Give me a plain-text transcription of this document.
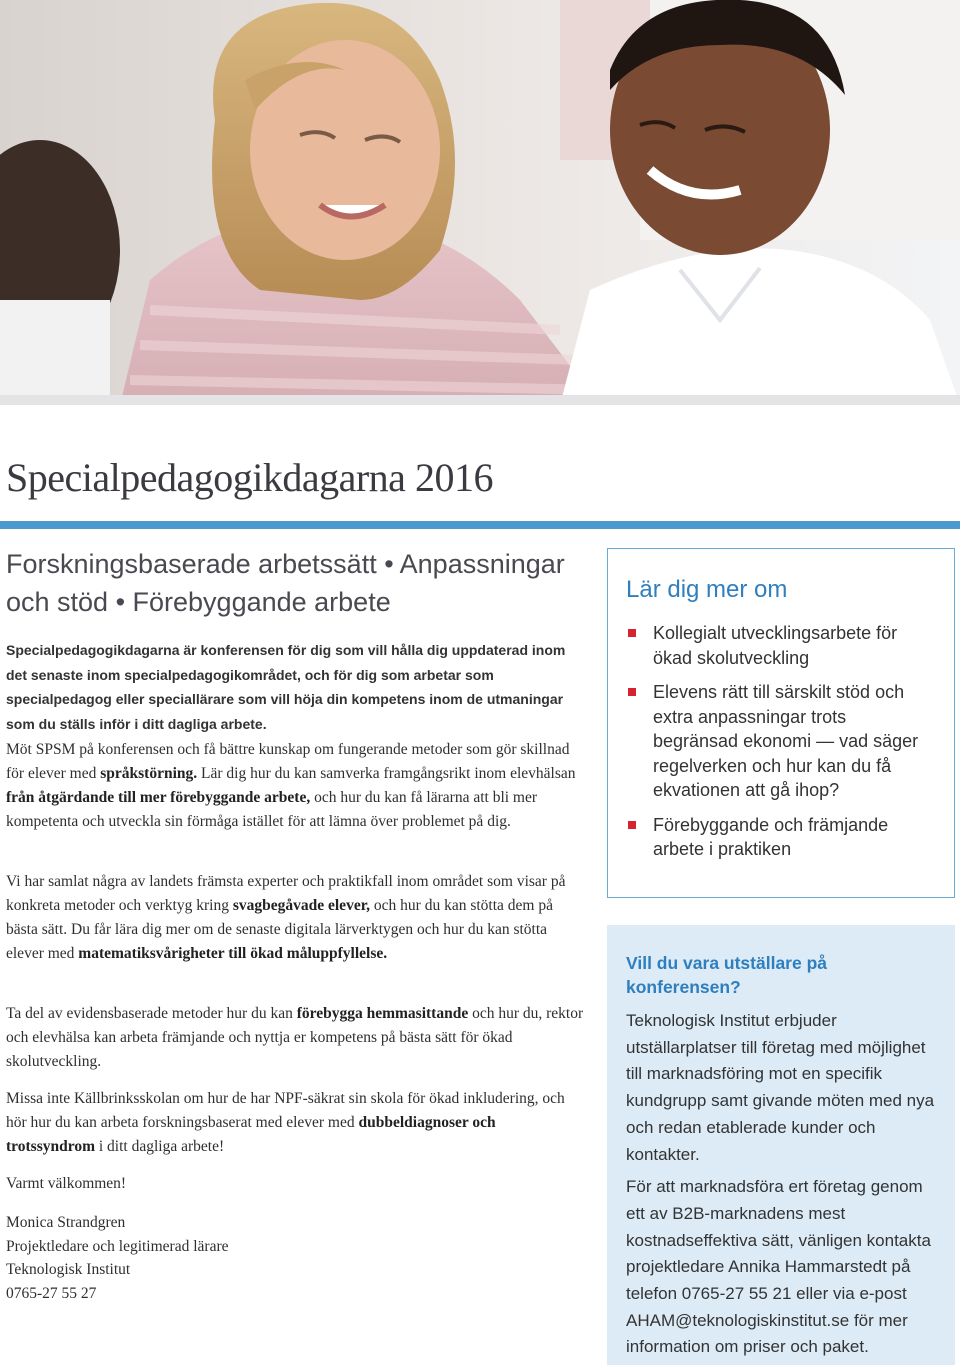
Specialpedagogikdagarna 2016
Forskningsbaserade arbetssätt • Anpassningar och stöd • Förebyggande arbete

Specialpedagogikdagarna är konferensen för dig som vill hålla dig uppdaterad inom det senaste inom specialpedagogikområdet, och för dig som arbetar som specialpedagog eller speciallärare som vill höja din kompetens inom de utmaningar som du ställs inför i ditt dagliga arbete.

Möt SPSM på konferensen och få bättre kunskap om fungerande metoder som gör skillnad för elever med språkstörning. Lär dig hur du kan samverka framgångsrikt inom elevhälsan från åtgärdande till mer förebyggande arbete, och hur du kan få lärarna att bli mer kompetenta och utveckla sin förmåga istället för att lämna över problemet på dig.

Vi har samlat några av landets främsta experter och praktikfall inom området som visar på konkreta metoder och verktyg kring svagbegåvade elever, och hur du kan stötta dem på bästa sätt. Du får lära dig mer om de senaste digitala lärverktygen och hur du kan stötta elever med matematiksvårigheter till ökad måluppfyllelse.

Ta del av evidensbaserade metoder hur du kan förebygga hemmasittande och hur du, rektor och elevhälsa kan arbeta främjande och nyttja er kompetens på bästa sätt för ökad skolutveckling.

Missa inte Källbrinksskolan om hur de har NPF-säkrat sin skola för ökad inkludering, och hör hur du kan arbeta forskningsbaserat med elever med dubbeldiagnoser och trotssyndrom i ditt dagliga arbete!

Varmt välkommen!

Monica Strandgren
Projektledare och legitimerad lärare
Teknologisk Institut
0765-27 55 27
Lär dig mer om
Kollegialt utvecklingsarbete för ökad skolutveckling
Elevens rätt till särskilt stöd och extra anpassningar trots begränsad ekonomi — vad säger regelverken och hur kan du få ekvationen att gå ihop?
Förebyggande och främjande arbete i praktiken
Vill du vara utställare på konferensen?

Teknologisk Institut erbjuder utställarplatser till företag med möjlighet till marknadsföring mot en specifik kundgrupp samt givande möten med nya och redan etablerade kunder och kontakter.

För att marknadsföra ert företag genom ett av B2B-marknadens mest kostnadseffektiva sätt, vänligen kontakta projektledare Annika Hammarstedt på telefon 0765-27 55 21 eller via e-post AHAM@teknologiskinstitut.se för mer information om priser och paket.
